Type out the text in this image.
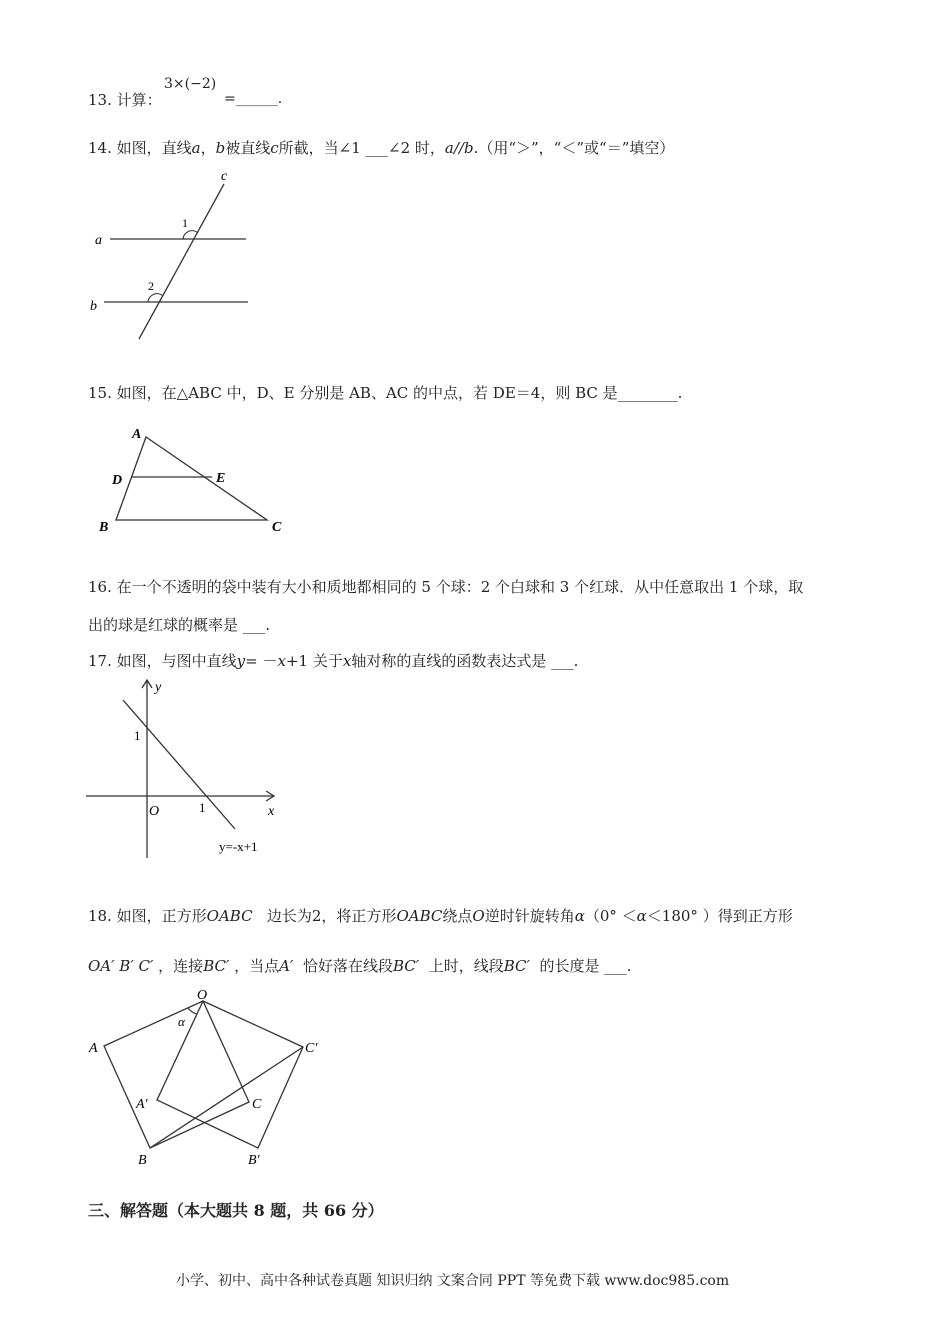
13. 计算：
3×(−2)
=______.
14. 如图，直线a，b被直线c所截，当∠1 ___∠2 时，a//b.（用“＞”，“＜”或“＝”填空）
c
a
b
1
2
15. 如图，在△ABC 中，D、E 分别是 AB、AC 的中点，若 DE＝4，则 BC 是________.
A
D	E
B	C
16. 在一个不透明的袋中装有大小和质地都相同的 5 个球：2 个白球和 3 个红球．从中任意取出 1 个球，取
出的球是红球的概率是 ___.
17. 如图，与图中直线y= －x+1 关于x轴对称的直线的函数表达式是 ___.
y
x
O
1
1
y=-x+1
18. 如图，正方形OABC 边长为2，将正方形OABC绕点O逆时针旋转角α（0° ＜α＜180° ）得到正方形
OA′ B′ C′ ，连接BC′ ，当点A′ 恰好落在线段BC′ 上时，线段BC′ 的长度是 ___.
O
α
A	C′
A′	C
B	B′
三、解答题（本大题共 8 题，共 66 分）
小学、初中、高中各种试卷真题 知识归纳 文案合同 PPT 等免费下载 www.doc985.com
